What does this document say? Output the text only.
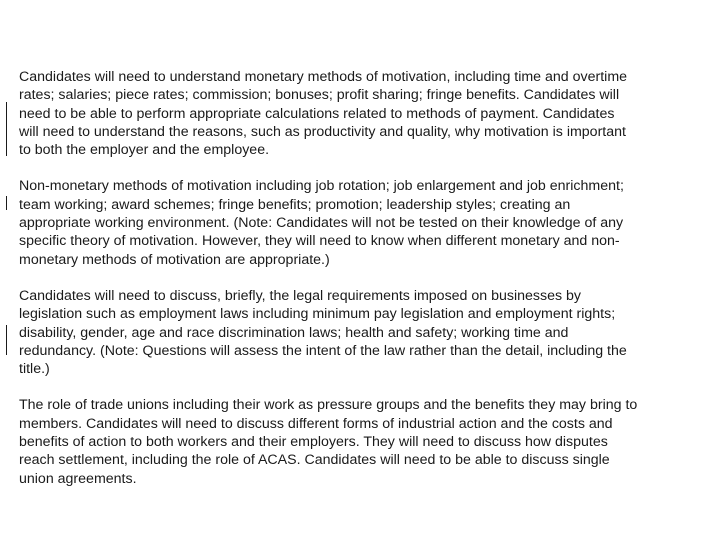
Candidates will need to understand monetary methods of motivation, including time and overtime
rates; salaries; piece rates; commission; bonuses; profit sharing; fringe benefits. Candidates will
need to be able to perform appropriate calculations related to methods of payment. Candidates
will need to understand the reasons, such as productivity and quality, why motivation is important
to both the employer and the employee.

Non-monetary methods of motivation including job rotation; job enlargement and job enrichment;
team working; award schemes; fringe benefits; promotion; leadership styles; creating an
appropriate working environment. (Note: Candidates will not be tested on their knowledge of any
specific theory of motivation. However, they will need to know when different monetary and non-
monetary methods of motivation are appropriate.)

Candidates will need to discuss, briefly, the legal requirements imposed on businesses by
legislation such as employment laws including minimum pay legislation and employment rights;
disability, gender, age and race discrimination laws; health and safety; working time and
redundancy. (Note: Questions will assess the intent of the law rather than the detail, including the
title.)

The role of trade unions including their work as pressure groups and the benefits they may bring to
members. Candidates will need to discuss different forms of industrial action and the costs and
benefits of action to both workers and their employers. They will need to discuss how disputes
reach settlement, including the role of ACAS. Candidates will need to be able to discuss single
union agreements.
